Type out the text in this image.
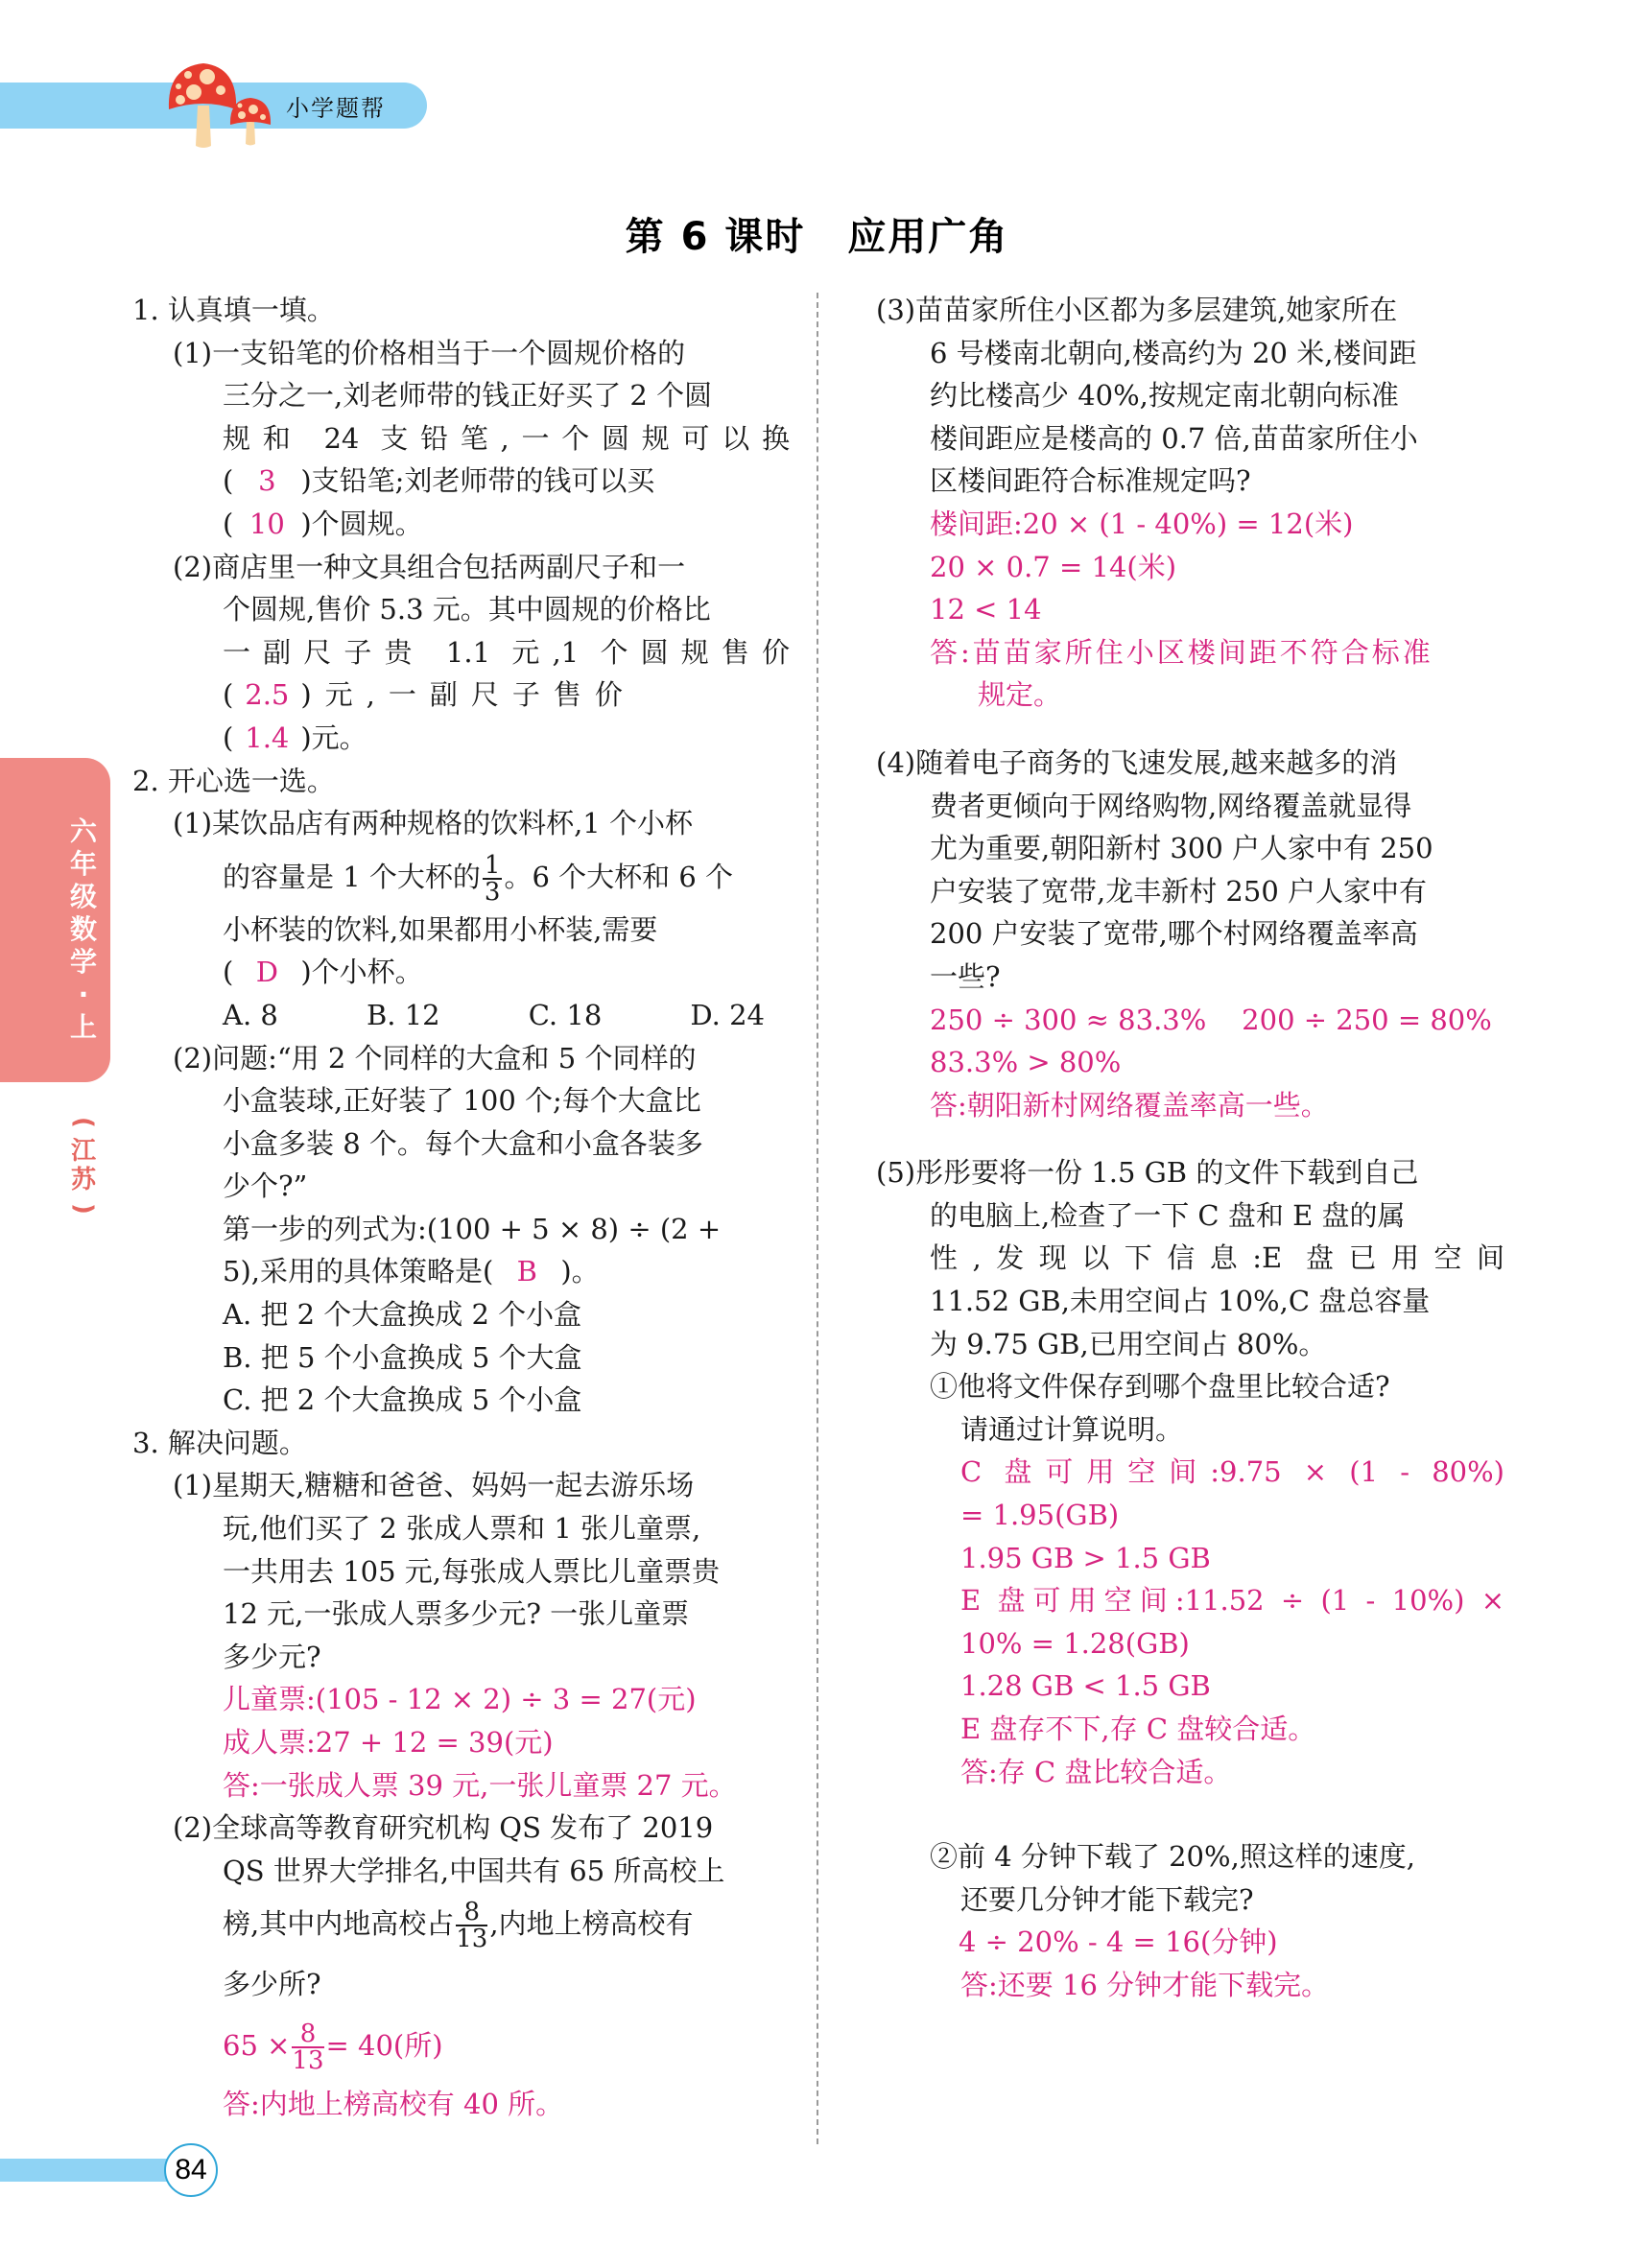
小学题帮
第 6 课时 应用广角
六
年
级
数
学
·
上
(
江
苏
)
1. 认真填一填。
(1)一支铅笔的价格相当于一个圆规价格的
三分之一,刘老师带的钱正好买了 2 个圆
规和 24 支铅笔,一个圆规可以换
( 3 )支铅笔;刘老师带的钱可以买
( 10 )个圆规。
(2)商店里一种文具组合包括两副尺子和一
个圆规,售价 5.3 元。其中圆规的价格比
一副尺子贵 1.1 元,1 个圆规售价
( 2.5 )元,一副尺子售价
( 1.4 )元。
2. 开心选一选。
(1)某饮品店有两种规格的饮料杯,1 个小杯
的容量是 1 个大杯的 $\frac{1}{3}$ 。6 个大杯和 6 个
小杯装的饮料,如果都用小杯装,需要
( D )个小杯。
A. 8	B. 12	C. 18	D. 24
(2)问题:“用 2 个同样的大盒和 5 个同样的
小盒装球,正好装了 100 个;每个大盒比
小盒多装 8 个。每个大盒和小盒各装多
少个?”
第一步的列式为:(100 + 5 × 8) ÷ (2 +
5),采用的具体策略是( B )。
A. 把 2 个大盒换成 2 个小盒
B. 把 5 个小盒换成 5 个大盒
C. 把 2 个大盒换成 5 个小盒
3. 解决问题。
(1)星期天,糖糖和爸爸、妈妈一起去游乐场
玩,他们买了 2 张成人票和 1 张儿童票,
一共用去 105 元,每张成人票比儿童票贵
12 元,一张成人票多少元? 一张儿童票
多少元?
儿童票:(105 - 12 × 2) ÷ 3 = 27(元)
成人票:27 + 12 = 39(元)
答:一张成人票 39 元,一张儿童票 27 元。
(2)全球高等教育研究机构 QS 发布了 2019
QS 世界大学排名,中国共有 65 所高校上
榜,其中内地高校占 $\frac{8}{13}$ ,内地上榜高校有
多少所?
$65 \times \frac{8}{13} = 40$(所)
答:内地上榜高校有 40 所。
(3)苗苗家所住小区都为多层建筑,她家所在
6 号楼南北朝向,楼高约为 20 米,楼间距
约比楼高少 40%,按规定南北朝向标准
楼间距应是楼高的 0.7 倍,苗苗家所住小
区楼间距符合标准规定吗?
楼间距:20 × (1 - 40%) = 12(米)
20 × 0.7 = 14(米)
12 < 14
答:苗苗家所住小区楼间距不符合标准
规定。
(4)随着电子商务的飞速发展,越来越多的消
费者更倾向于网络购物,网络覆盖就显得
尤为重要,朝阳新村 300 户人家中有 250
户安装了宽带,龙丰新村 250 户人家中有
200 户安装了宽带,哪个村网络覆盖率高
一些?
250 ÷ 300 ≈ 83.3%    200 ÷ 250 = 80%
83.3% > 80%
答:朝阳新村网络覆盖率高一些。
(5)彤彤要将一份 1.5 GB 的文件下载到自己
的电脑上,检查了一下 C 盘和 E 盘的属
性,发现以下信息:E 盘已用空间
11.52 GB,未用空间占 10%,C 盘总容量
为 9.75 GB,已用空间占 80%。
①他将文件保存到哪个盘里比较合适?
请通过计算说明。
C 盘可用空间:9.75 × (1 - 80%)
= 1.95(GB)
1.95 GB > 1.5 GB
E 盘可用空间:11.52 ÷ (1 - 10%) ×
10% = 1.28(GB)
1.28 GB < 1.5 GB
E 盘存不下,存 C 盘较合适。
答:存 C 盘比较合适。
②前 4 分钟下载了 20%,照这样的速度,
还要几分钟才能下载完?
4 ÷ 20% - 4 = 16(分钟)
答:还要 16 分钟才能下载完。
84
